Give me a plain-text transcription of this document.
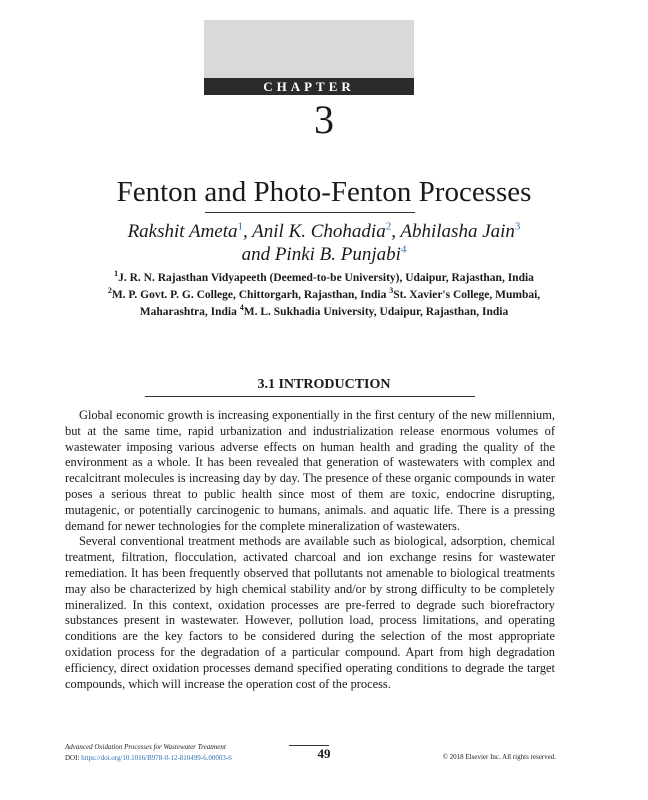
CHAPTER
3
Fenton and Photo-Fenton Processes
Rakshit Ameta$^1$, Anil K. Chohadia$^2$, Abhilasha Jain$^3$
and Pinki B. Punjabi$^4$
$^1$J. R. N. Rajasthan Vidyapeeth (Deemed-to-be University), Udaipur, Rajasthan, India
$^2$M. P. Govt. P. G. College, Chittorgarh, Rajasthan, India $^3$St. Xavier's College, Mumbai,
Maharashtra, India $^4$M. L. Sukhadia University, Udaipur, Rajasthan, India
3.1 INTRODUCTION

Global economic growth is increasing exponentially in the first century of the new millennium, but at the same time, rapid urbanization and industrialization release enormous volumes of wastewater imposing various adverse effects on human health and grading the quality of the environment as a whole. It has been revealed that generation of wastewaters with complex and recalcitrant molecules is increasing day by day. The presence of these organic compounds in water poses a serious threat to public health since most of them are toxic, endocrine disrupting, mutagenic, or potentially carcinogenic to humans, animals. and aquatic life. There is a pressing demand for newer technologies for the complete mineralization of wastewaters.

Several conventional treatment methods are available such as biological, adsorption, chemical treatment, filtration, flocculation, activated charcoal and ion exchange resins for wastewater remediation. It has been frequently observed that pollutants not amenable to biological treatments may also be characterized by high chemical stability and/or by strong difficulty to be completely mineralized. In this context, oxidation processes are pre-ferred to degrade such biorefractory substances present in wastewater. However, pollution load, process limitations, and operating conditions are the key factors to be considered during the selection of the most appropriate oxidation process for the degradation of a particular compound. Apart from high degradation efficiency, direct oxidation processes demand specified operating conditions to degrade the target compounds, which will increase the operation cost of the process.

Advanced Oxidation Processes for Wastewater Treatment
DOI: https://doi.org/10.1016/B978-0-12-810499-6.00003-6	49	© 2018 Elsevier Inc. All rights reserved.
